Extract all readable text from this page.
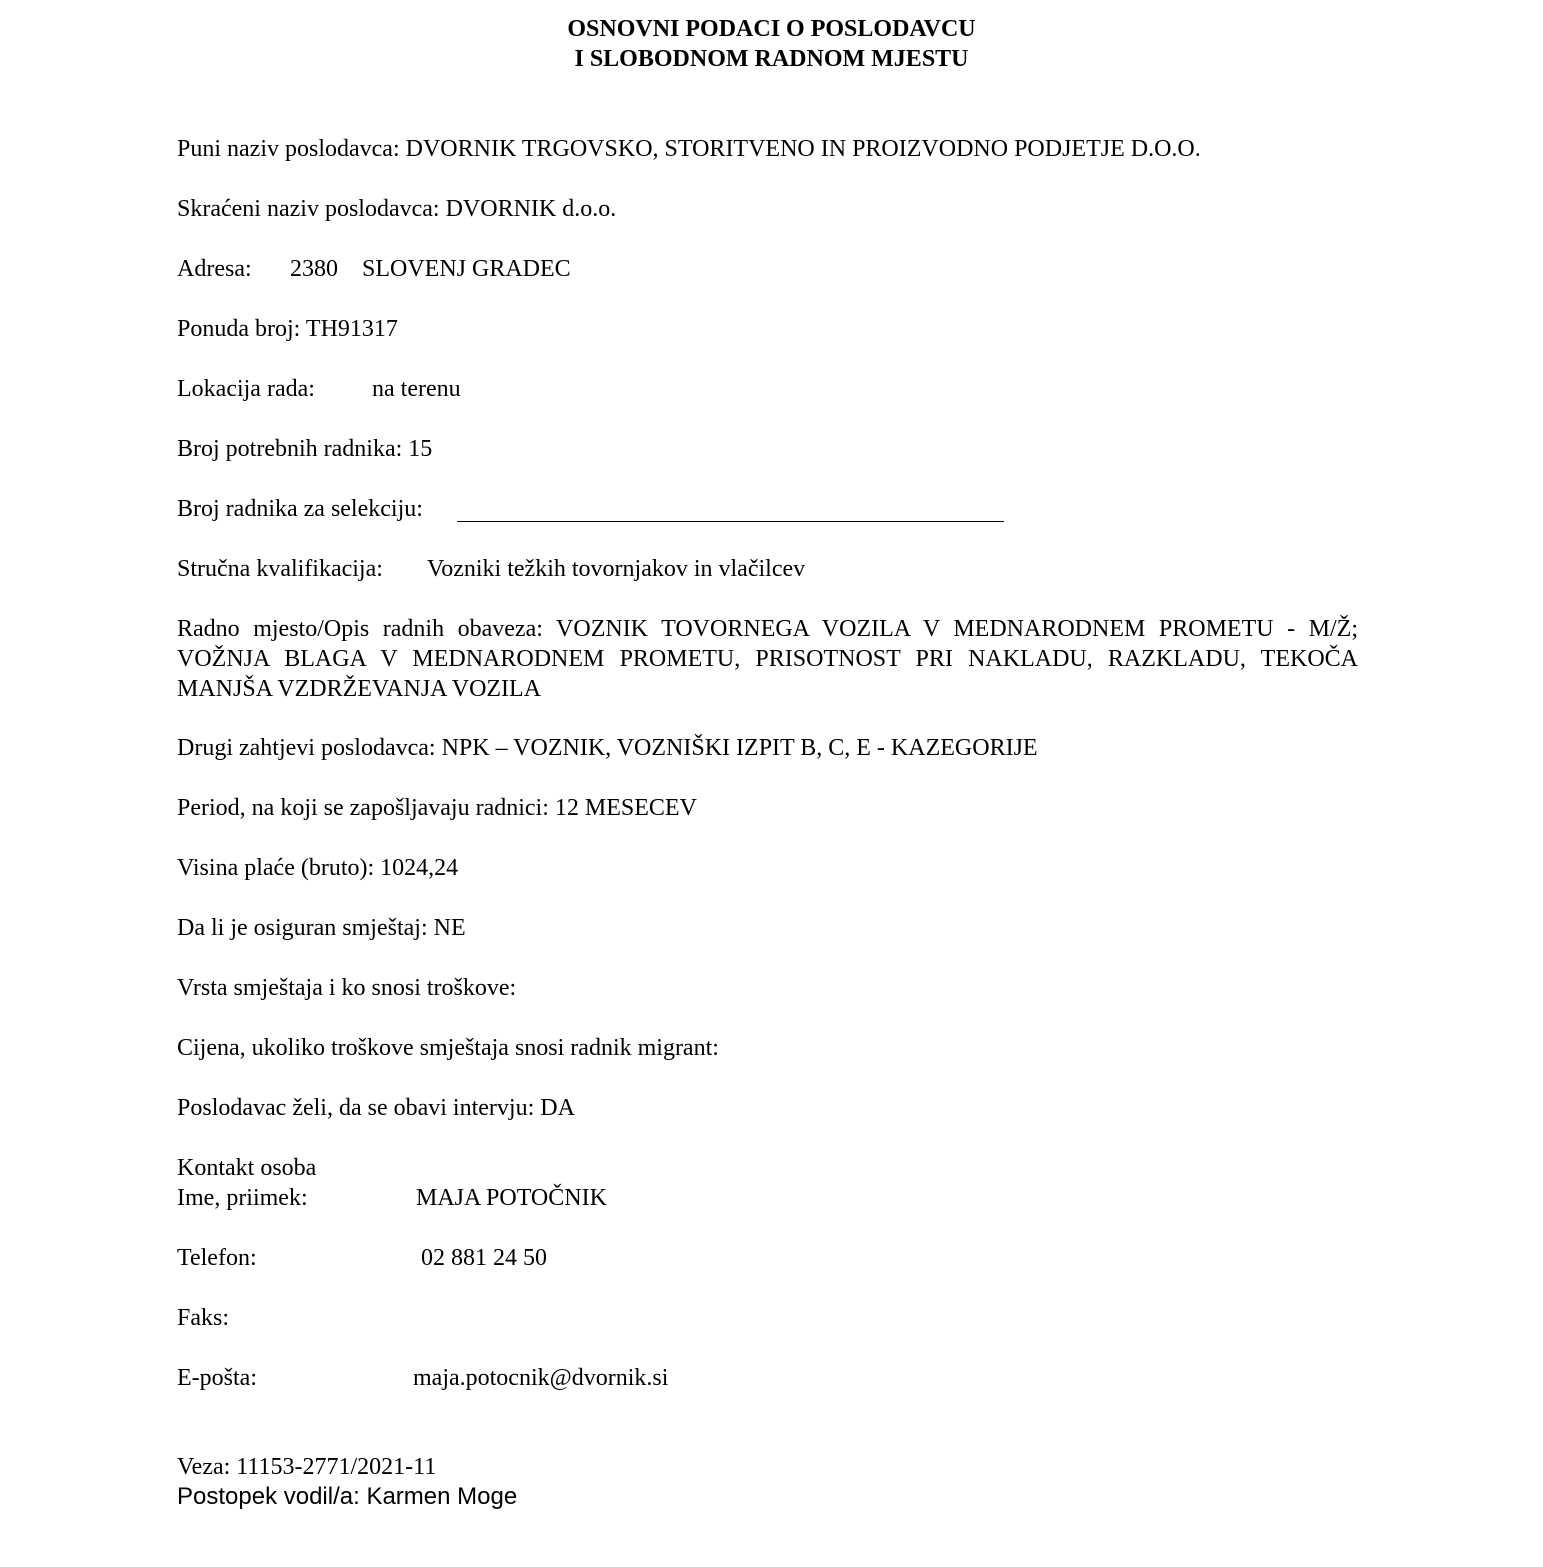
OSNOVNI PODACI O POSLODAVCU
I SLOBODNOM RADNOM MJESTU

Puni naziv poslodavca: DVORNIK TRGOVSKO, STORITVENO IN PROIZVODNO PODJETJE D.O.O.

Skraćeni naziv poslodavca: DVORNIK d.o.o.

Adresa: 2380 SLOVENJ GRADEC

Ponuda broj: TH91317

Lokacija rada: na terenu

Broj potrebnih radnika: 15

Broj radnika za selekciju:

Stručna kvalifikacija: Vozniki težkih tovornjakov in vlačilcev

Radno mjesto/Opis radnih obaveza: VOZNIK TOVORNEGA VOZILA V MEDNARODNEM PROMETU - M/Ž; VOŽNJA BLAGA V MEDNARODNEM PROMETU, PRISOTNOST PRI NAKLADU, RAZKLADU, TEKOČA MANJŠA VZDRŽEVANJA VOZILA

Drugi zahtjevi poslodavca: NPK – VOZNIK, VOZNIŠKI IZPIT B, C, E - KAZEGORIJE

Period, na koji se zapošljavaju radnici: 12 MESECEV

Visina plaće (bruto): 1024,24

Da li je osiguran smještaj: NE

Vrsta smještaja i ko snosi troškove:

Cijena, ukoliko troškove smještaja snosi radnik migrant:

Poslodavac želi, da se obavi intervju: DA

Kontakt osoba

Ime, priimek:	MAJA POTOČNIK

Telefon:	02 881 24 50

Faks:

E-pošta:	maja.potocnik@dvornik.si

Veza: 11153-2771/2021-11

Postopek vodil/a: Karmen Moge
